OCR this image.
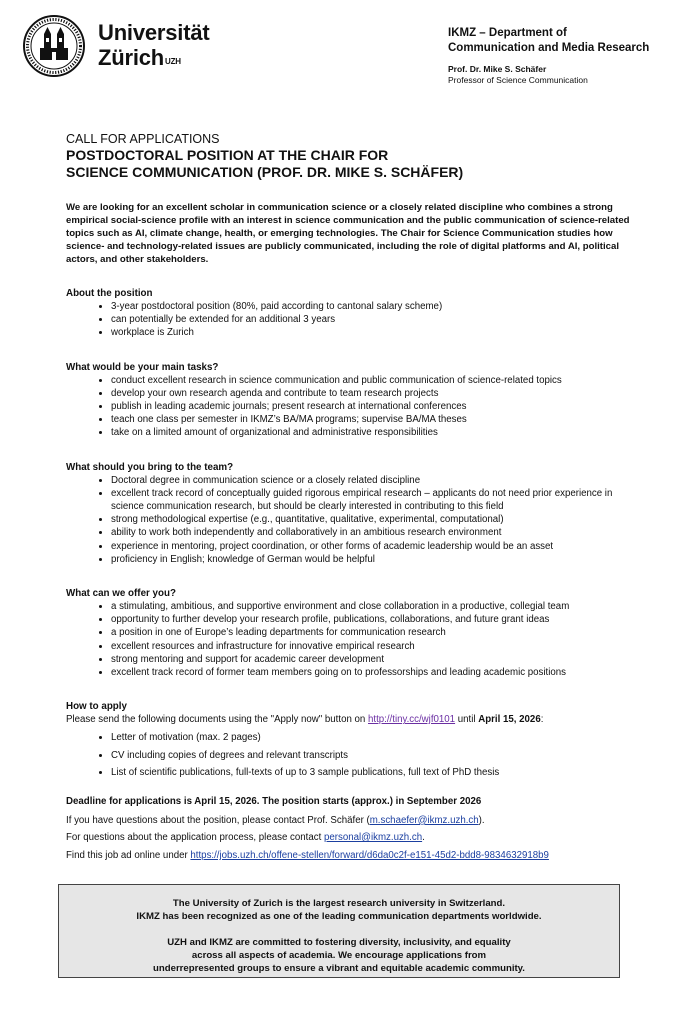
Universität
Zürich$^{UZH}$
IKMZ – Department of
Communication and Media Research
Prof. Dr. Mike S. Schäfer
Professor of Science Communication
CALL FOR APPLICATIONS
POSTDOCTORAL POSITION AT THE CHAIR FOR
SCIENCE COMMUNICATION (PROF. DR. MIKE S. SCHÄFER)
We are looking for an excellent scholar in communication science or a closely related discipline who combines a strong empirical social-science profile with an interest in science communication and the public communication of science-related topics such as AI, climate change, health, or emerging technologies. The Chair for Science Communication studies how science- and technology-related issues are publicly communicated, including the role of digital platforms and AI, political actors, and other stakeholders.
About the position
• 3-year postdoctoral position (80%, paid according to cantonal salary scheme)
• can potentially be extended for an additional 3 years
• workplace is Zurich
What would be your main tasks?
• conduct excellent research in science communication and public communication of science-related topics
• develop your own research agenda and contribute to team research projects
• publish in leading academic journals; present research at international conferences
• teach one class per semester in IKMZ’s BA/MA programs; supervise BA/MA theses
• take on a limited amount of organizational and administrative responsibilities
What should you bring to the team?
• Doctoral degree in communication science or a closely related discipline
• excellent track record of conceptually guided rigorous empirical research – applicants do not need prior experience in science communication research, but should be clearly interested in contributing to this field
• strong methodological expertise (e.g., quantitative, qualitative, experimental, computational)
• ability to work both independently and collaboratively in an ambitious research environment
• experience in mentoring, project coordination, or other forms of academic leadership would be an asset
• proficiency in English; knowledge of German would be helpful
What can we offer you?
• a stimulating, ambitious, and supportive environment and close collaboration in a productive, collegial team
• opportunity to further develop your research profile, publications, collaborations, and future grant ideas
• a position in one of Europe’s leading departments for communication research
• excellent resources and infrastructure for innovative empirical research
• strong mentoring and support for academic career development
• excellent track record of former team members going on to professorships and leading academic positions
How to apply

Please send the following documents using the "Apply now" button on http://tiny.cc/wjf0101 until April 15, 2026:

• Letter of motivation (max. 2 pages)
• CV including copies of degrees and relevant transcripts
• List of scientific publications, full-texts of up to 3 sample publications, full text of PhD thesis

Deadline for applications is April 15, 2026. The position starts (approx.) in September 2026

If you have questions about the position, please contact Prof. Schäfer (m.schaefer@ikmz.uzh.ch).

For questions about the application process, please contact personal@ikmz.uzh.ch.

Find this job ad online under https://jobs.uzh.ch/offene-stellen/forward/d6da0c2f-e151-45d2-bdd8-9834632918b9

The University of Zurich is the largest research university in Switzerland.

IKMZ has been recognized as one of the leading communication departments worldwide.

UZH and IKMZ are committed to fostering diversity, inclusivity, and equality

across all aspects of academia. We encourage applications from

underrepresented groups to ensure a vibrant and equitable academic community.
